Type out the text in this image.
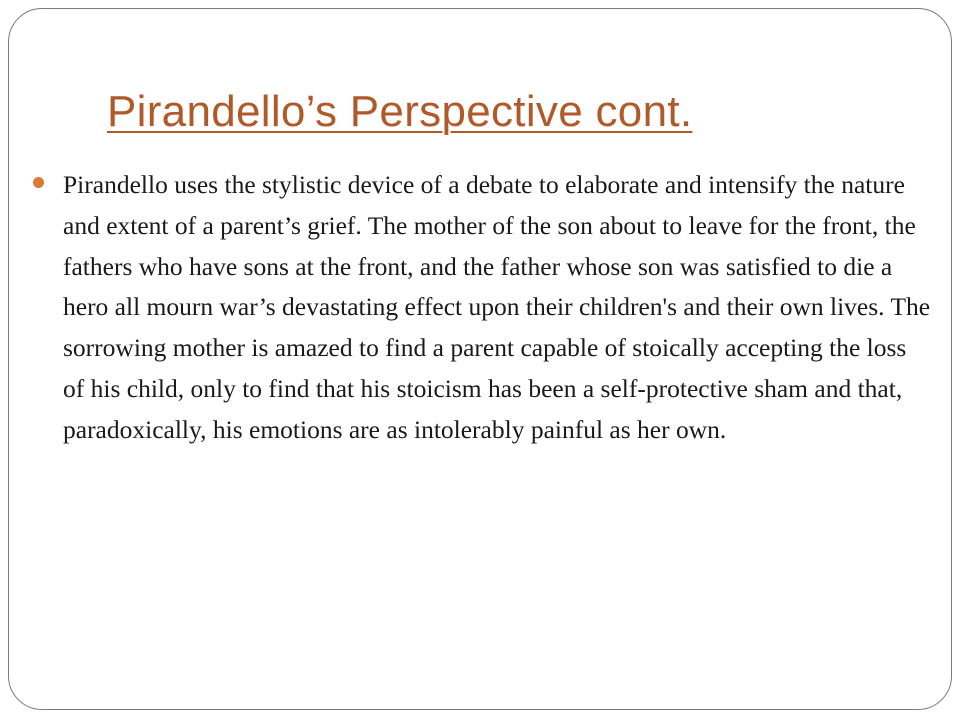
Pirandello’s Perspective cont.

Pirandello uses the stylistic device of a debate to elaborate and intensify the nature and extent of a parent’s grief. The mother of the son about to leave for the front, the fathers who have sons at the front, and the father whose son was satisfied to die a hero all mourn war’s devastating effect upon their children's and their own lives. The sorrowing mother is amazed to find a parent capable of stoically accepting the loss of his child, only to find that his stoicism has been a self-protective sham and that, paradoxically, his emotions are as intolerably painful as her own.
